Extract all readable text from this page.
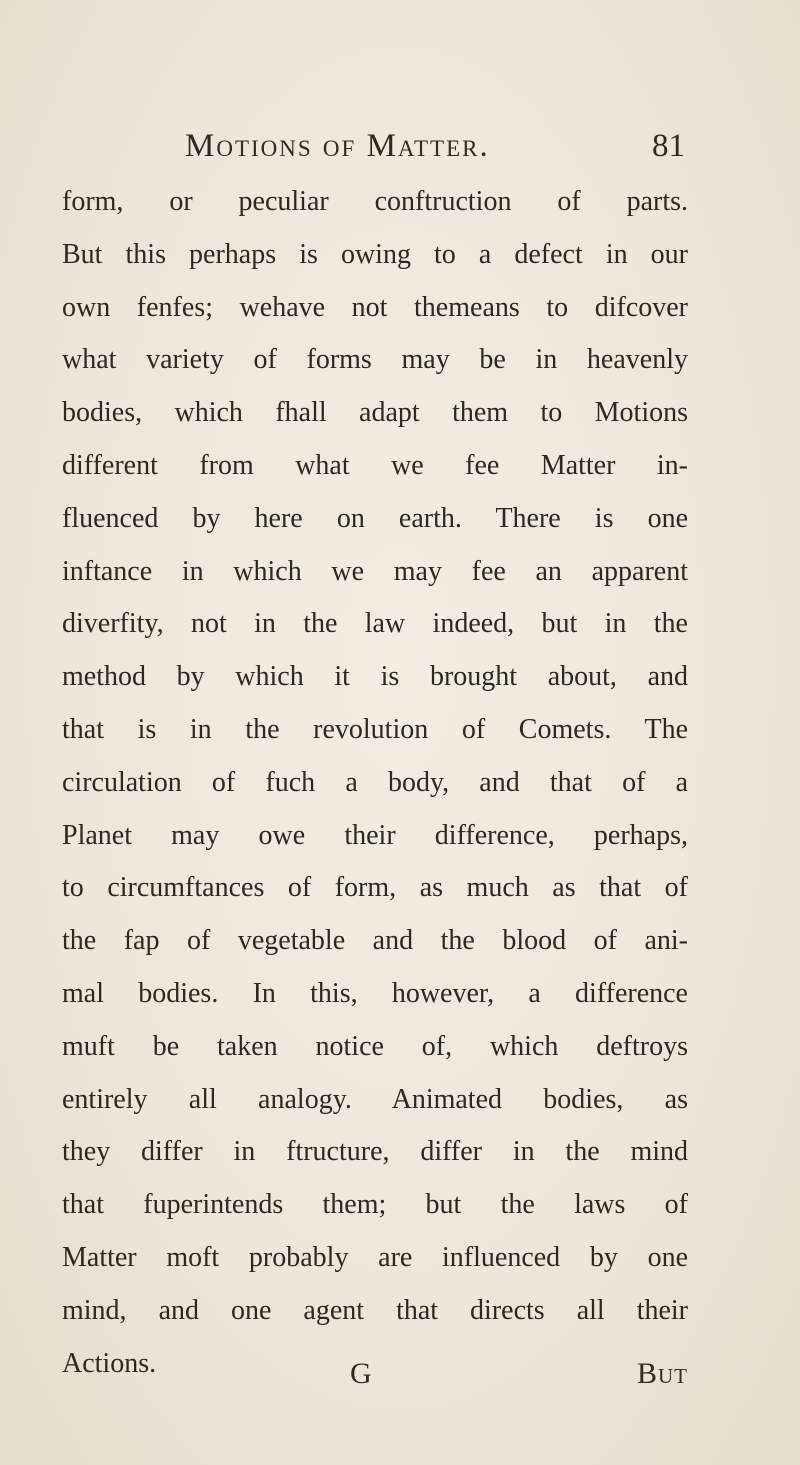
Motions of Matter.	81
form, or peculiar conftruction of parts.
But this perhaps is owing to a defect in our
own fenfes; wehave not themeans to difcover
what variety of forms may be in heavenly
bodies, which fhall adapt them to Motions
different from what we fee Matter in-
fluenced by here on earth. There is one
inftance in which we may fee an apparent
diverfity, not in the law indeed, but in the
method by which it is brought about, and
that is in the revolution of Comets. The
circulation of fuch a body, and that of a
Planet may owe their difference, perhaps,
to circumftances of form, as much as that of
the fap of vegetable and the blood of ani-
mal bodies. In this, however, a difference
muft be taken notice of, which deftroys
entirely all analogy. Animated bodies, as
they differ in ftructure, differ in the mind
that fuperintends them; but the laws of
Matter moft probably are influenced by one
mind, and one agent that directs all their
Actions.	G	But
